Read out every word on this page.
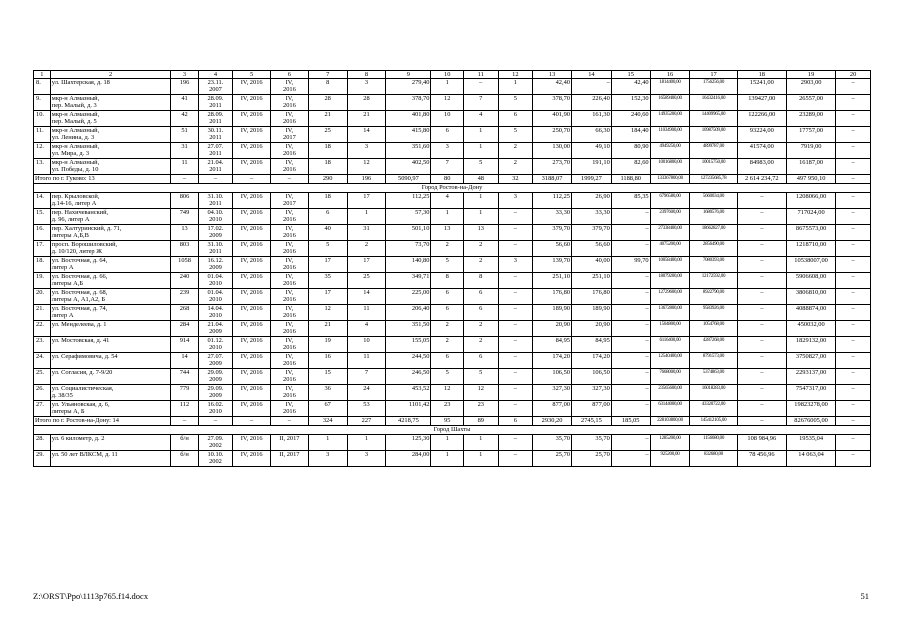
1	2	3	4	5	6	7	8	9	10	11	12	13	14	15	16	17	18	19	20
8.	ул. Шахтерская, д. 18	196	23.11.
2007	IV, 2016	IV,
2016	8	3	279,40	1	–	1	42,40	–	42,40	1814400,00	1756256,00	15241,00	2903,00	–
9.	мкр-н Алмазный,
пер. Малый, д. 3	41	28.09.
2011	IV, 2016	IV,
2016	28	28	378,70	12	7	5	378,70	226,40	152,30	16589400,00	16432416,00	139427,00	26557,00	–
10.	мкр-н Алмазный,
пер. Малый, д. 5	42	28.09.
2011	IV, 2016	IV,
2016	21	21	401,80	10	4	6	401,90	161,30	240,60	14935200,00	14409965,00	122266,00	23289,00	–
11.	мкр-н Алмазный,
ул. Ленина, д. 3	51	30.11.
2011	IV, 2016	IV,
2017	25	14	415,80	6	1	5	250,70	66,30	184,40	11034900,00	10987509,00	93224,00	17757,00	–
12.	мкр-н Алмазный,
ул. Мира, д. 3	31	27.07.
2011	IV, 2016	IV,
2016	18	3	351,60	3	1	2	130,00	49,10	80,90	4949250,00	4899787,00	41574,00	7919,00	–
13.	мкр-н Алмазный,
ул. Победы, д. 10	11	21.04.
2011	IV, 2016	IV,
2016	18	12	402,50	7	5	2	273,70	191,10	82,60	10016800,00	10015750,00	84983,00	16187,00	–
Итого по г. Гуково: 13		–	–	–	–	290	196	5090,97	80	48	32	3188,07	1999,27	1188,80	133367800,00	127235685,78	2 614 234,72	497 950,10	–
Город Ростов-на-Дону																			
14.	пер. Крыловской,
д.14-16, литер А	806	31.10.
2011	IV, 2016	IV,
2017	18	17	112,25	4	1	3	112,25	26,90	85,35	6796580,00	5660034,00	–	1208066,00	–
15.	пер. Нахичеванский,
д. 96, литер А	749	04.10.
2010	IV, 2016	IV,
2016	6	1	57,30	1	1	–	33,30	33,30	–	2397600,00	1680576,00	–	717024,00	–
16.	пер. Халтуринский, д. 71,
литеры А,Б,В	13	17.02.
2009	IV, 2016	IV,
2016	40	31	501,10	13	13	–	379,70	379,70	–	27338400,00	18662827,00	–	8675573,00	–
17.	просп. Ворошиловский,
д. 10/120, литер Ж	803	31.10.
2011	IV, 2016	IV,
2016	5	2	73,70	2	2	–	56,60	56,60	–	4075200,00	2856490,00	–	1218710,00	–
18.	ул. Восточная, д. 64,
литер А	1058	16.12.
2009	IV, 2016	IV,
2016	17	17	140,80	5	2	3	139,70	40,00	99,70	10058400,00	7080393,00	–	10538007,00	–
19.	ул. Восточная, д. 66,
литеры А,Б	240	01.04.
2010	IV, 2016	IV,
2016	35	25	349,71	8	8	–	251,10	251,10	–	18079200,00	12172592,00	–	5906608,00	–
20.	ул. Восточная, д. 68,
литеры А, А1,А2, Б	239	01.04.
2010	IV, 2016	IV,
2016	17	14	225,00	6	6	–	176,80	176,80	–	12729600,00	8922790,00	–	3806810,00	–
21.	ул. Восточная, д. 74,
литер А	268	14.04.
2010	IV, 2016	IV,
2016	12	11	206,40	6	6	–	189,90	189,90	–	13672800,00	9583926,00	–	4088874,00	–
22.	ул. Менделеева, д. 1	284	21.04.
2009	IV, 2016	IV,
2016	21	4	351,50	2	2	–	20,90	20,90	–	1504800,00	1054768,00	–	450032,00	–
23.	ул. Мостовская, д. 41	914	01.12.
2010	IV, 2016	IV,
2016	19	10	155,05	2	2	–	84,95	84,95	–	6116400,00	4287268,00	–	1829132,00	–
24.	ул. Серафимовича, д. 54	14	27.07.
2009	IV, 2016	IV,
2016	16	11	244,50	6	6	–	174,20	174,20	–	12540400,00	8791573,00	–	3750827,00	–
25.	ул. Согласия, д. 7-9/20	744	29.09.
2009	IV, 2016	IV,
2016	15	7	246,50	5	5	–	106,50	106,50	–	7668000,00	5374863,00	–	2293137,00	–
26.	ул. Социалистическая,
д. 38/35	779	29.09.
2009	IV, 2016	IV,
2016	36	24	453,52	12	12	–	327,30	327,30	–	23565600,00	16018283,00	–	7547317,00	–
27.	ул. Ульяновская, д. 6,
литеры А, Б	112	16.02.
2010	IV, 2016	IV,
2016	67	53	1101,42	23	23	–	877,00	877,00	–	63144000,00	43320722,00	–	19823278,00	–
Итого по г. Ростов-на-Дону: 14		–	–	–	–	324	227	4218,75	95	89	6	2930,20	2745,15	185,05	228103800,00	145412105,00	–	82676005,00	–
Город Шахты																			
28.	ул. 6 километр, д. 2	б/н	27.09.
2002	IV, 2016	II, 2017	1	1	125,30	1	1	–	35,70	35,70	–	1285200,00	1156680,00	108 984,96	19535,04	–
29.	ул. 50 лет ВЛКСМ, д. 11	б/н	10.10.
2002	IV, 2016	II, 2017	3	3	284,00	1	1	–	25,70	25,70	–	925200,00	832680,00	78 456,96	14 063,04	–
Z:\ORST\Ppo\1113p765.f14.docx	51
